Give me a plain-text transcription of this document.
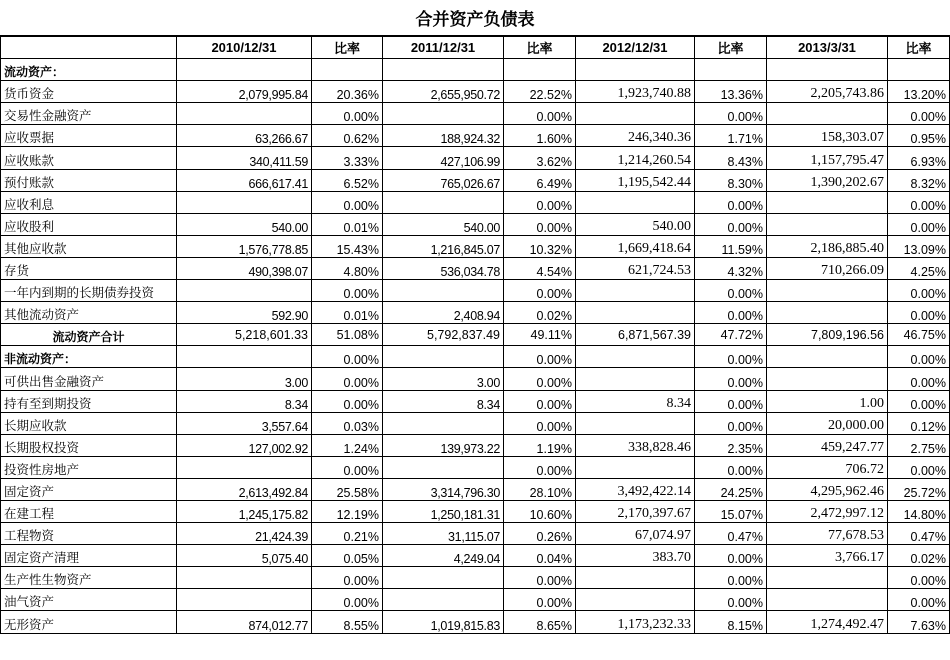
合并资产负债表
	2010/12/31	比率	2011/12/31	比率	2012/12/31	比率	2013/3/31	比率
流动资产：								
货币资金	2,079,995.84	20.36%	2,655,950.72	22.52%	1,923,740.88	13.36%	2,205,743.86	13.20%
交易性金融资产		0.00%		0.00%		0.00%		0.00%
应收票据	63,266.67	0.62%	188,924.32	1.60%	246,340.36	1.71%	158,303.07	0.95%
应收账款	340,411.59	3.33%	427,106.99	3.62%	1,214,260.54	8.43%	1,157,795.47	6.93%
预付账款	666,617.41	6.52%	765,026.67	6.49%	1,195,542.44	8.30%	1,390,202.67	8.32%
应收利息		0.00%		0.00%		0.00%		0.00%
应收股利	540.00	0.01%	540.00	0.00%	540.00	0.00%		0.00%
其他应收款	1,576,778.85	15.43%	1,216,845.07	10.32%	1,669,418.64	11.59%	2,186,885.40	13.09%
存货	490,398.07	4.80%	536,034.78	4.54%	621,724.53	4.32%	710,266.09	4.25%
一年内到期的长期债券投资		0.00%		0.00%		0.00%		0.00%
其他流动资产	592.90	0.01%	2,408.94	0.02%		0.00%		0.00%
流动资产合计	5,218,601.33	51.08%	5,792,837.49	49.11%	6,871,567.39	47.72%	7,809,196.56	46.75%
非流动资产：		0.00%		0.00%		0.00%		0.00%
可供出售金融资产	3.00	0.00%	3.00	0.00%		0.00%		0.00%
持有至到期投资	8.34	0.00%	8.34	0.00%	8.34	0.00%	1.00	0.00%
长期应收款	3,557.64	0.03%		0.00%		0.00%	20,000.00	0.12%
长期股权投资	127,002.92	1.24%	139,973.22	1.19%	338,828.46	2.35%	459,247.77	2.75%
投资性房地产		0.00%		0.00%		0.00%	706.72	0.00%
固定资产	2,613,492.84	25.58%	3,314,796.30	28.10%	3,492,422.14	24.25%	4,295,962.46	25.72%
在建工程	1,245,175.82	12.19%	1,250,181.31	10.60%	2,170,397.67	15.07%	2,472,997.12	14.80%
工程物资	21,424.39	0.21%	31,115.07	0.26%	67,074.97	0.47%	77,678.53	0.47%
固定资产清理	5,075.40	0.05%	4,249.04	0.04%	383.70	0.00%	3,766.17	0.02%
生产性生物资产		0.00%		0.00%		0.00%		0.00%
油气资产		0.00%		0.00%		0.00%		0.00%
无形资产	874,012.77	8.55%	1,019,815.83	8.65%	1,173,232.33	8.15%	1,274,492.47	7.63%
